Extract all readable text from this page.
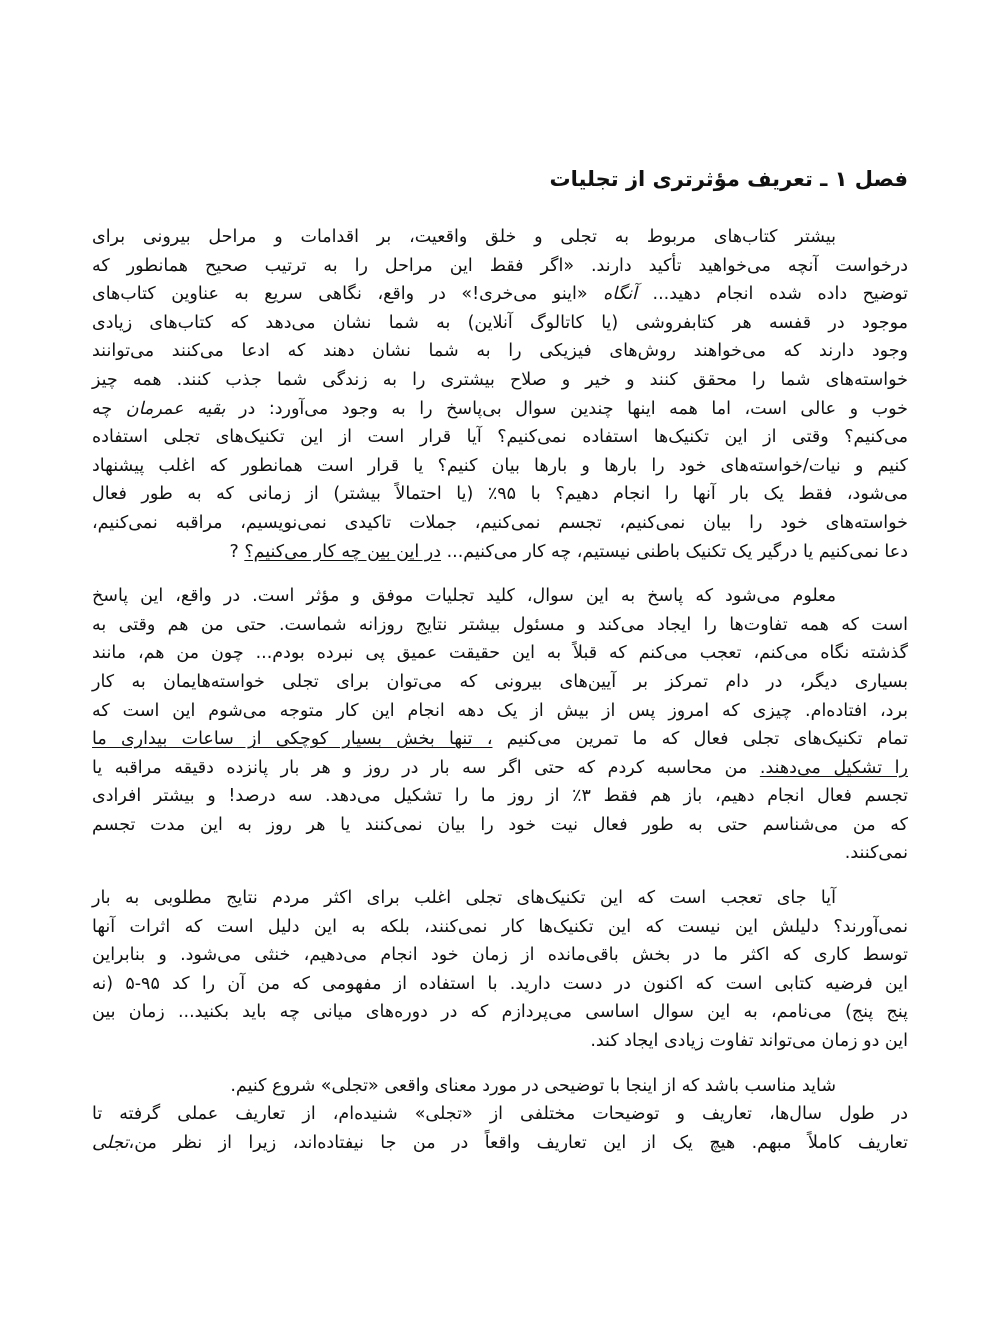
فصل ۱ ـ تعریف مؤثرتری از تجلیات
بیشتر کتاب‌های مربوط به تجلی و خلق واقعیت، بر اقدامات و مراحل بیرونی برای
درخواست آنچه می‌خواهید تأکید دارند. «اگر فقط این مراحل را به ترتیب صحیح همانطور که
توضیح داده شده انجام دهید... آنگاه «اینو می‌خری!» در واقع، نگاهی سریع به عناوین کتاب‌های
موجود در قفسه هر کتابفروشی (یا کاتالوگ آنلاین) به شما نشان می‌دهد که کتاب‌های زیادی
وجود دارند که می‌خواهند روش‌های فیزیکی را به شما نشان دهند که ادعا می‌کنند می‌توانند
خواسته‌های شما را محقق کنند و خیر و صلاح بیشتری را به زندگی شما جذب کنند. همه چیز
خوب و عالی است، اما همه اینها چندین سوال بی‌پاسخ را به وجود می‌آورد: در بقیه عمرمان چه
می‌کنیم؟ وقتی از این تکنیک‌ها استفاده نمی‌کنیم؟ آیا قرار است از این تکنیک‌های تجلی استفاده
کنیم و نیات/خواسته‌های خود را بارها و بارها بیان کنیم؟ یا قرار است همانطور که اغلب پیشنهاد
می‌شود، فقط یک بار آنها را انجام دهیم؟ با ۹۵٪ (یا احتمالاً بیشتر) از زمانی که به طور فعال
خواسته‌های خود را بیان نمی‌کنیم، تجسم نمی‌کنیم، جملات تاکیدی نمی‌نویسیم، مراقبه نمی‌کنیم،
دعا نمی‌کنیم یا درگیر یک تکنیک باطنی نیستیم، چه کار می‌کنیم... در این بین چه کار می‌کنیم؟ ?
معلوم می‌شود که پاسخ به این سوال، کلید تجلیات موفق و مؤثر است. در واقع، این پاسخ
است که همه تفاوت‌ها را ایجاد می‌کند و مسئول بیشتر نتایج روزانه شماست. حتی من هم وقتی به
گذشته نگاه می‌کنم، تعجب می‌کنم که قبلاً به این حقیقت عمیق پی نبرده بودم... چون من هم، مانند
بسیاری دیگر، در دام تمرکز بر آیین‌های بیرونی که می‌توان برای تجلی خواسته‌هایمان به کار
برد، افتاده‌ام. چیزی که امروز پس از بیش از یک دهه انجام این کار متوجه می‌شوم این است که
تمام تکنیک‌های تجلی فعال که ما تمرین می‌کنیم ، تنها بخش بسیار کوچکی از ساعات بیداری ما
را تشکیل می‌دهند. من محاسبه کردم که حتی اگر سه بار در روز و هر بار پانزده دقیقه مراقبه یا
تجسم فعال انجام دهیم، باز هم فقط ۳٪ از روز ما را تشکیل می‌دهد. سه درصد! و بیشتر افرادی
که من می‌شناسم حتی به طور فعال نیت خود را بیان نمی‌کنند یا هر روز به این مدت تجسم
نمی‌کنند.
آیا جای تعجب است که این تکنیک‌های تجلی اغلب برای اکثر مردم نتایج مطلوبی به بار
نمی‌آورند؟ دلیلش این نیست که این تکنیک‌ها کار نمی‌کنند، بلکه به این دلیل است که اثرات آنها
توسط کاری که اکثر ما در بخش باقی‌مانده از زمان خود انجام می‌دهیم، خنثی می‌شود. و بنابراین
این فرضیه کتابی است که اکنون در دست دارید. با استفاده از مفهومی که من آن را کد ۹۵-۵ (نه
پنج پنج) می‌نامم، به این سوال اساسی می‌پردازم که در دوره‌های میانی چه باید بکنید... زمان بین
این دو زمان می‌تواند تفاوت زیادی ایجاد کند.
شاید مناسب باشد که از اینجا با توضیحی در مورد معنای واقعی «تجلی» شروع کنیم.
در طول سال‌ها، تعاریف و توضیحات مختلفی از «تجلی» شنیده‌ام، از تعاریف عملی گرفته تا
تعاریف کاملاً مبهم. هیچ یک از این تعاریف واقعاً در من جا نیفتاده‌اند، زیرا از نظر من،تجلی
